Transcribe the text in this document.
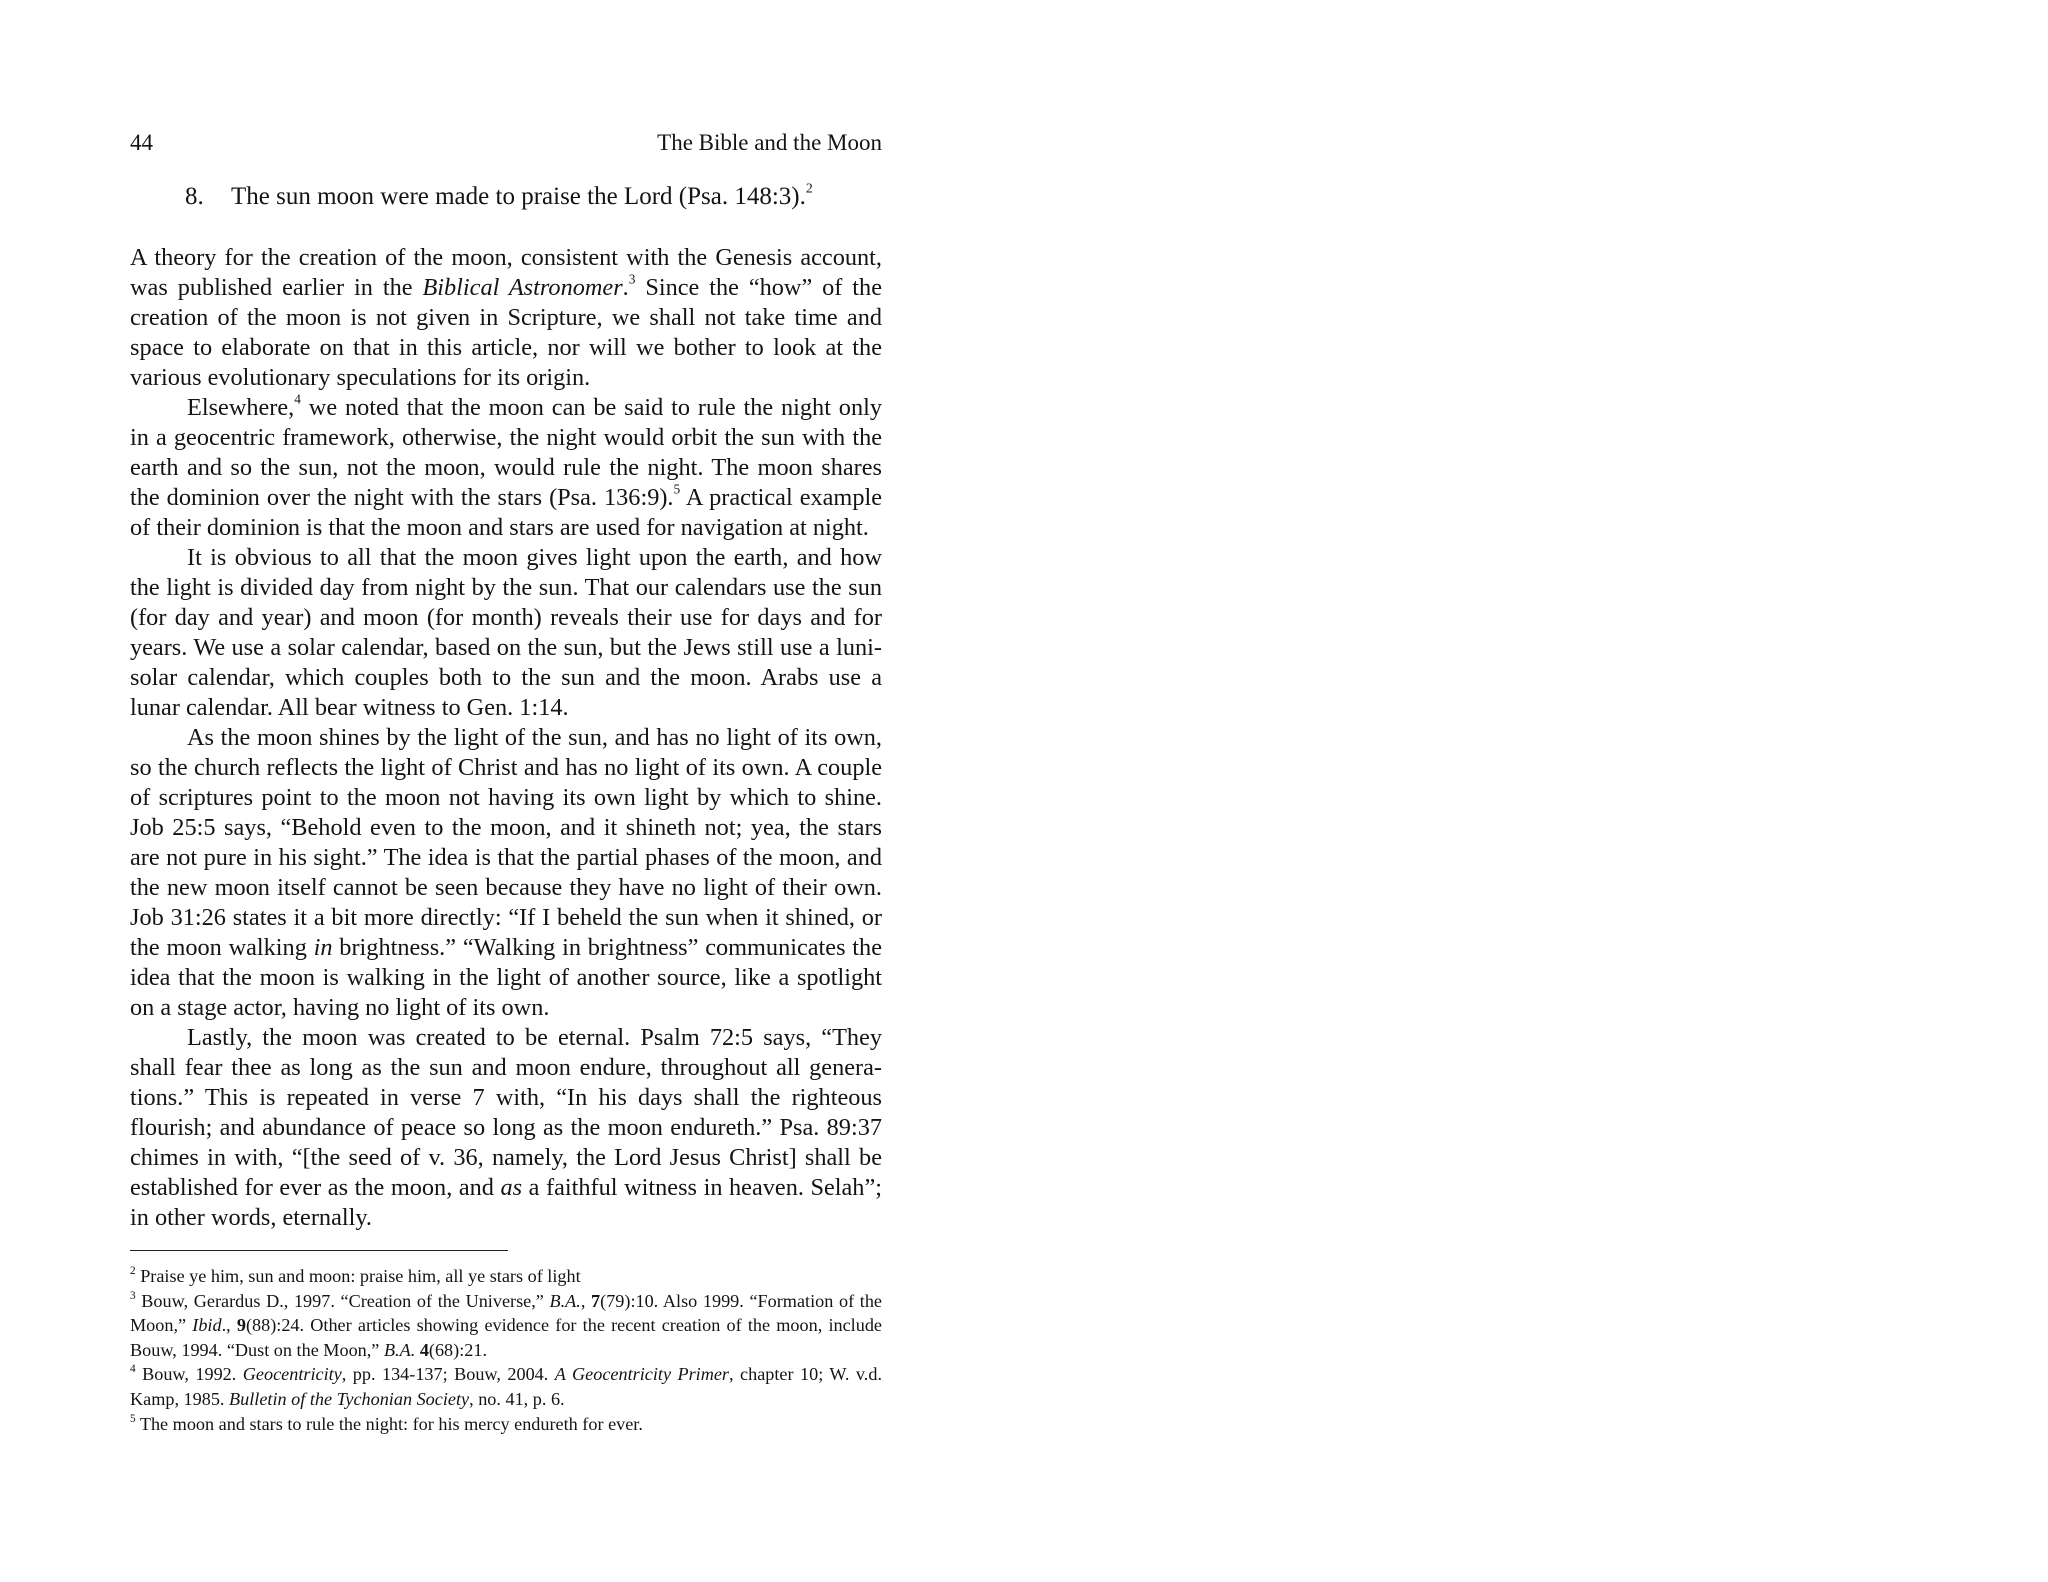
44	The Bible and the Moon
8. The sun moon were made to praise the Lord (Psa. 148:3).$^2$

A theory for the creation of the moon, consistent with the Genesis account, was published earlier in the Biblical Astronomer.$^3$ Since the “how” of the creation of the moon is not given in Scripture, we shall not take time and space to elaborate on that in this article, nor will we bother to look at the various evolutionary speculations for its origin.

Elsewhere,$^4$ we noted that the moon can be said to rule the night only in a geocentric framework, otherwise, the night would orbit the sun with the earth and so the sun, not the moon, would rule the night. The moon shares the dominion over the night with the stars (Psa. 136:9).$^5$ A practical example of their dominion is that the moon and stars are used for navigation at night.

It is obvious to all that the moon gives light upon the earth, and how the light is divided day from night by the sun. That our calendars use the sun (for day and year) and moon (for month) reveals their use for days and for years. We use a solar calendar, based on the sun, but the Jews still use a luni-solar calendar, which couples both to the sun and the moon. Arabs use a lunar calendar. All bear witness to Gen. 1:14.

As the moon shines by the light of the sun, and has no light of its own, so the church reflects the light of Christ and has no light of its own. A couple of scriptures point to the moon not having its own light by which to shine. Job 25:5 says, “Behold even to the moon, and it shineth not; yea, the stars are not pure in his sight.” The idea is that the partial phases of the moon, and the new moon itself cannot be seen because they have no light of their own. Job 31:26 states it a bit more directly: “If I beheld the sun when it shined, or the moon walking in brightness.” “Walking in brightness” communicates the idea that the moon is walking in the light of another source, like a spotlight on a stage actor, having no light of its own.

Lastly, the moon was created to be eternal. Psalm 72:5 says, “They shall fear thee as long as the sun and moon endure, throughout all generations.” This is repeated in verse 7 with, “In his days shall the righteous flourish; and abundance of peace so long as the moon endureth.” Psa. 89:37 chimes in with, “[the seed of v. 36, namely, the Lord Jesus Christ] shall be established for ever as the moon, and as a faithful witness in heaven. Selah”; in other words, eternally.

$^2$ Praise ye him, sun and moon: praise him, all ye stars of light

$^3$ Bouw, Gerardus D., 1997. “Creation of the Universe,” B.A., 7(79):10. Also 1999. “Formation of the Moon,” Ibid., 9(88):24. Other articles showing evidence for the recent creation of the moon, include Bouw, 1994. “Dust on the Moon,” B.A. 4(68):21.

$^4$ Bouw, 1992. Geocentricity, pp. 134-137; Bouw, 2004. A Geocentricity Primer, chapter 10; W. v.d. Kamp, 1985. Bulletin of the Tychonian Society, no. 41, p. 6.

$^5$ The moon and stars to rule the night: for his mercy endureth for ever.
